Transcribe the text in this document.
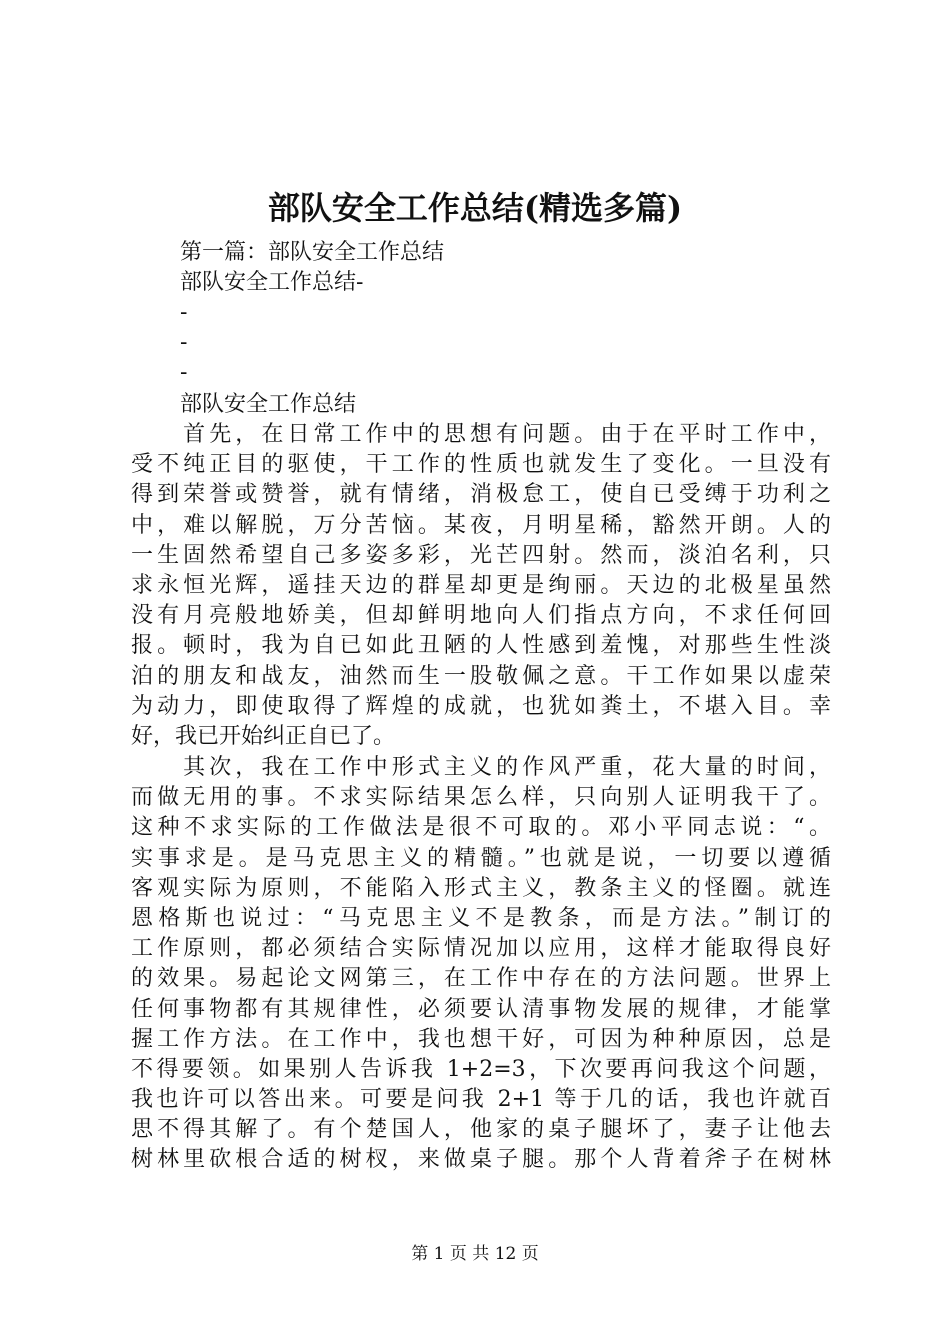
部队安全工作总结(精选多篇)
第一篇：部队安全工作总结
部队安全工作总结-
-
-
-
部队安全工作总结
　　首先，在日常工作中的思想有问题。由于在平时工作中，
受不纯正目的驱使，干工作的性质也就发生了变化。一旦没有
得到荣誉或赞誉，就有情绪，消极怠工，使自已受缚于功利之
中，难以解脱，万分苦恼。某夜，月明星稀，豁然开朗。人的
一生固然希望自己多姿多彩，光芒四射。然而，淡泊名利，只
求永恒光辉，遥挂天边的群星却更是绚丽。天边的北极星虽然
没有月亮般地娇美，但却鲜明地向人们指点方向，不求任何回
报。顿时，我为自已如此丑陋的人性感到羞愧，对那些生性淡
泊的朋友和战友，油然而生一股敬佩之意。干工作如果以虚荣
为动力，即使取得了辉煌的成就，也犹如粪土，不堪入目。幸
好，我已开始纠正自已了。
　　其次，我在工作中形式主义的作风严重，花大量的时间，
而做无用的事。不求实际结果怎么样，只向别人证明我干了。
这种不求实际的工作做法是很不可取的。邓小平同志说：“。
实事求是。是马克思主义的精髓。”也就是说，一切要以遵循
客观实际为原则，不能陷入形式主义，教条主义的怪圈。就连
恩格斯也说过：“马克思主义不是教条，而是方法。”制订的
工作原则，都必须结合实际情况加以应用，这样才能取得良好
的效果。易起论文网第三，在工作中存在的方法问题。世界上
任何事物都有其规律性，必须要认清事物发展的规律，才能掌
握工作方法。在工作中，我也想干好，可因为种种原因，总是
不得要领。如果别人告诉我 1+2=3，下次要再问我这个问题，
我也许可以答出来。可要是问我 2+1 等于几的话，我也许就百
思不得其解了。有个楚国人，他家的桌子腿坏了，妻子让他去
树林里砍根合适的树杈，来做桌子腿。那个人背着斧子在树林
第 1 页 共 12 页
